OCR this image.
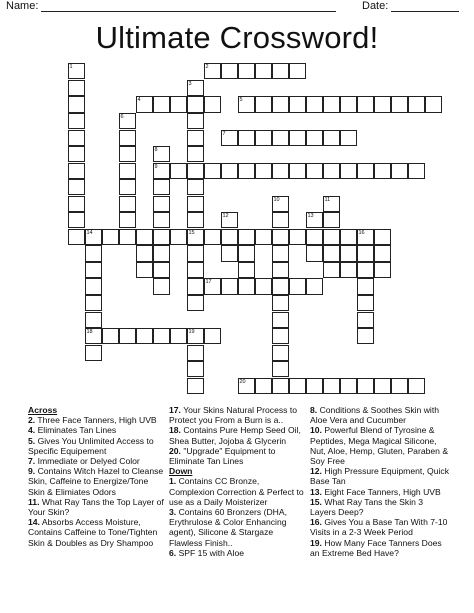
Name:	Date:
Ultimate Crossword!
1	2
3
15
4	5
6
7
8
9
10	11
12	13
14	16
17
18	19
20
Across
2. Three Face Tanners, High UVB
4. Eliminates Tan Lines
5. Gives You Unlimited Access to Specific Equipement
7. Immediate or Delyed Color
9. Contains Witch Hazel to Cleanse Skin, Caffeine to Energize/Tone Skin & Elimiates Odors
11. What Ray Tans the Top Layer of Your Skin?
14. Absorbs Access Moisture, Contains Caffeine to Tone/Tighten Skin & Doubles as Dry Shampoo
17. Your Skins Natural Process to Protect you From a Burn is a..
18. Contains Pure Hemp Seed Oil, Shea Butter, Jojoba & Glycerin
20. "Upgrade" Equipment to Eliminate Tan Lines
Down
1. Contains CC Bronze, Complexion Correction & Perfect to use as a Daily Moisterizer
3. Contains 60 Bronzers (DHA, Erythrulose & Color Enhancing agent), Silicone & Stargaze Flawless Finish..
6. SPF 15 with Aloe
8. Conditions & Soothes Skin with Aloe Vera and Cucumber
10. Powerful Blend of Tyrosine & Peptides, Mega Magical Silicone, Nut, Aloe, Hemp, Gluten, Paraben & Soy Free
12. High Pressure Equipment, Quick Base Tan
13. Eight Face Tanners, High UVB
15. What Ray Tans the Skin 3 Layers Deep?
16. Gives You a Base Tan With 7-10 Visits in a 2-3 Week Period
19. How Many Face Tanners Does an Extreme Bed Have?
